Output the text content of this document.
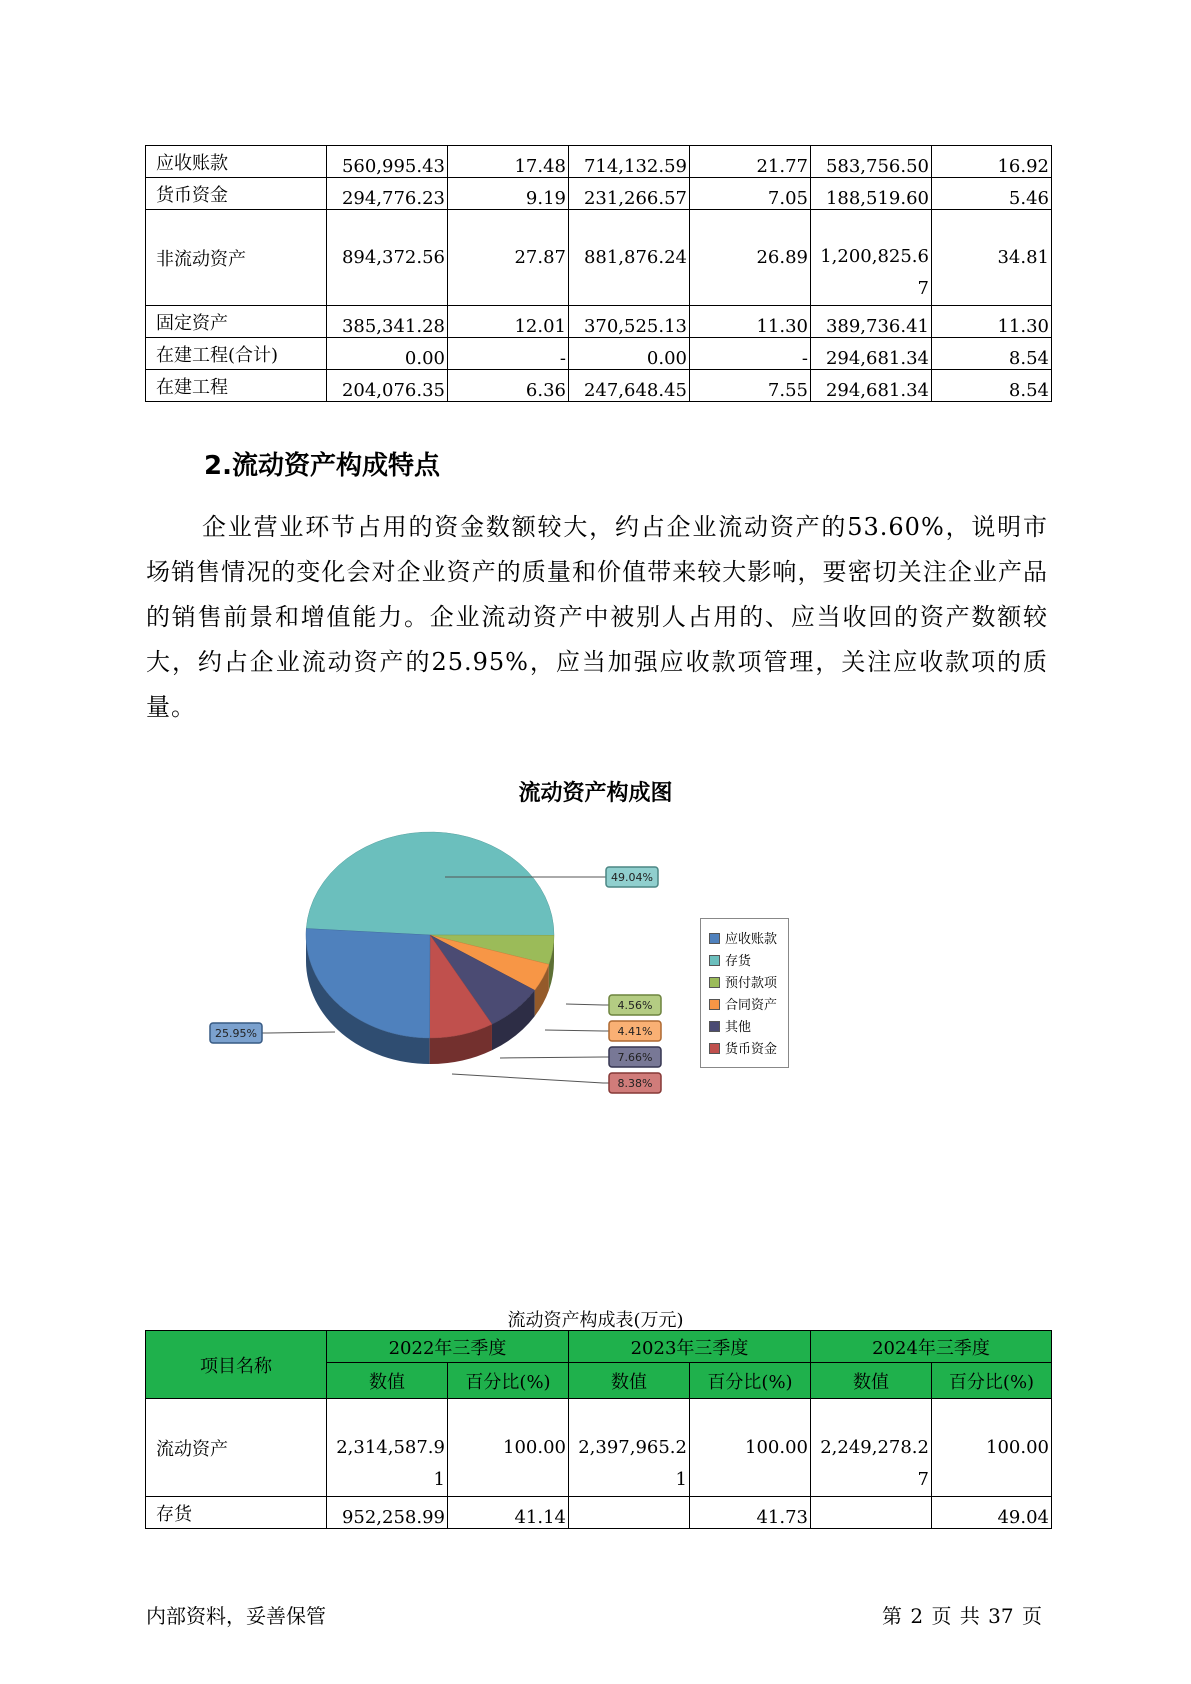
应收账款	560,995.43	17.48	714,132.59	21.77	583,756.50	16.92
货币资金	294,776.23	9.19	231,266.57	7.05	188,519.60	5.46
非流动资产	894,372.56	27.87	881,876.24	26.89	1,200,825.67	34.81
固定资产	385,341.28	12.01	370,525.13	11.30	389,736.41	11.30
在建工程(合计)	0.00	-	0.00	-	294,681.34	8.54
在建工程	204,076.35	6.36	247,648.45	7.55	294,681.34	8.54
2.流动资产构成特点
企业营业环节占用的资金数额较大，约占企业流动资产的53.60%，说明市场销售情况的变化会对企业资产的质量和价值带来较大影响，要密切关注企业产品的销售前景和增值能力。企业流动资产中被别人占用的、应当收回的资产数额较大，约占企业流动资产的25.95%，应当加强应收款项管理，关注应收款项的质量。
流动资产构成图
49.04%
4.56%
4.41%
7.66%
8.38%
25.95%
应收账款
存货
预付款项
合同资产
其他
货币资金
流动资产构成表(万元)
项目名称	2022年三季度		2023年三季度		2024年三季度	
	数值	百分比(%)	数值	百分比(%)	数值	百分比(%)
流动资产	2,314,587.91	100.00	2,397,965.21	100.00	2,249,278.27	100.00
存货	952,258.99	41.14		41.73		49.04
内部资料，妥善保管	第 2 页 共 37 页
